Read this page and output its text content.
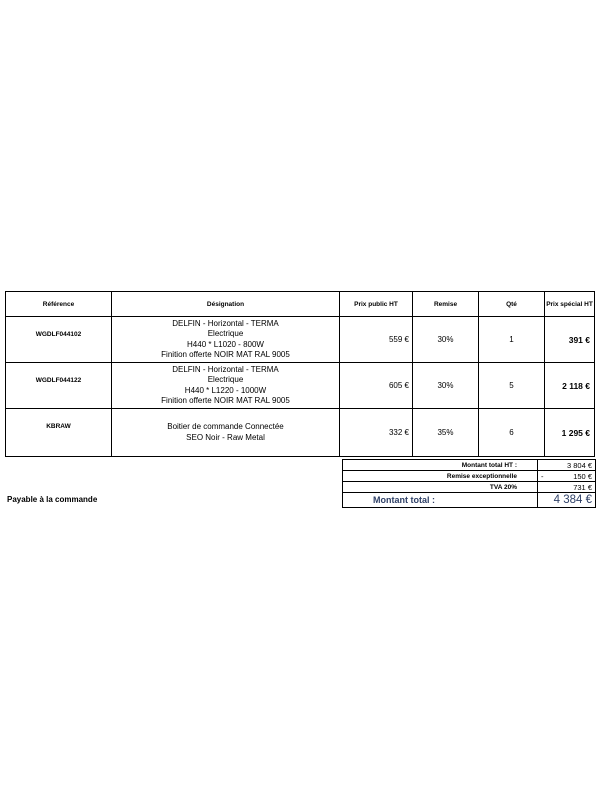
Référence	Désignation	Prix public HT	Remise	Qté	Prix spécial HT
WGDLF044102	DELFIN - Horizontal - TERMA
Electrique
H440 * L1020 - 800W
Finition offerte NOIR MAT RAL 9005	559 €	30%	1	391 €
WGDLF044122	DELFIN - Horizontal - TERMA
Electrique
H440 * L1220 - 1000W
Finition offerte NOIR MAT RAL 9005	605 €	30%	5	2 118 €
KBRAW	Boitier de commande Connectée
SEO Noir - Raw Metal	332 €	35%	6	1 295 €
Montant total HT :	3 804 €
Remise exceptionnelle	- 150 €

TVA 20%	731 €
Montant total :	4 384 €
Payable à la commande
